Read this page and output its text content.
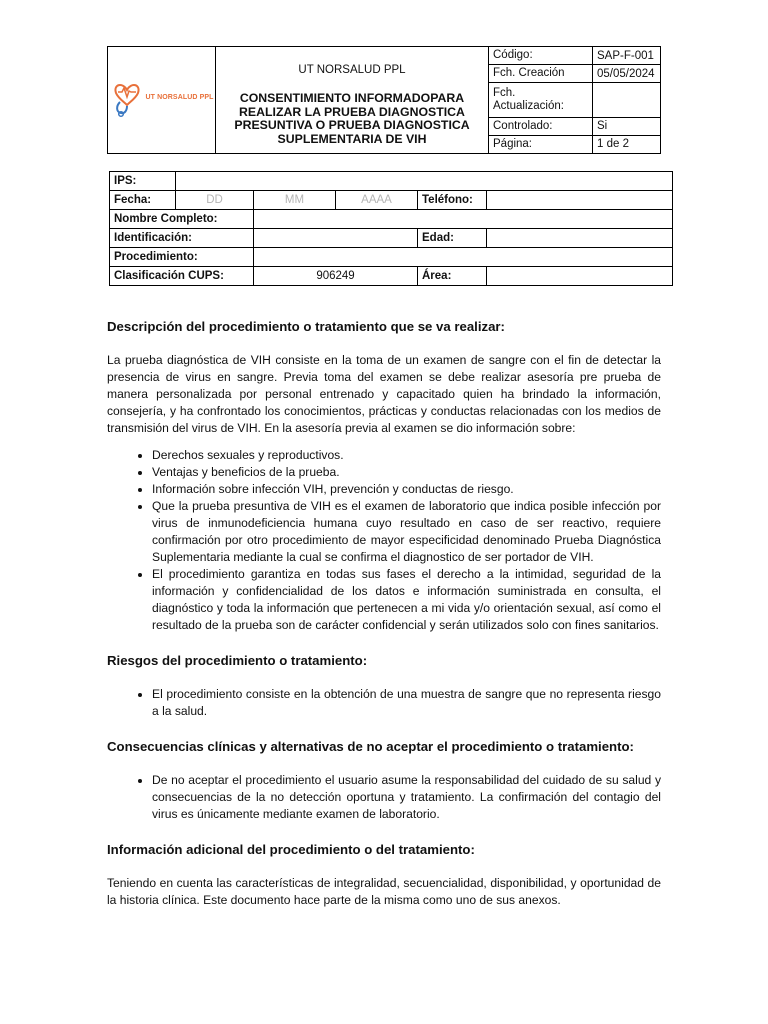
UT NORSALUD PPL	UT NORSALUD PPL
CONSENTIMIENTO INFORMADOPARA REALIZAR LA PRUEBA DIAGNOSTICA PRESUNTIVA O PRUEBA DIAGNOSTICA SUPLEMENTARIA DE VIH	Código:	SAP-F-001
		Fch. Creación	05/05/2024
		Fch. Actualización:	
		Controlado:	Si
		Página:	1 de 2
IPS:					
Fecha:	DD	MM	AAAA	Teléfono:	
Nombre Completo:					
Identificación:				Edad:	
Procedimiento:					
Clasificación CUPS:		906249		Área:	
Descripción del procedimiento o tratamiento que se va realizar:

La prueba diagnóstica de VIH consiste en la toma de un examen de sangre con el fin de detectar la presencia de virus en sangre. Previa toma del examen se debe realizar asesoría pre prueba de manera personalizada por personal entrenado y capacitado quien ha brindado la información, consejería, y ha confrontado los conocimientos, prácticas y conductas relacionadas con los medios de transmisión del virus de VIH. En la asesoría previa al examen se dio información sobre:

• Derechos sexuales y reproductivos.
• Ventajas y beneficios de la prueba.
• Información sobre infección VIH, prevención y conductas de riesgo.
• Que la prueba presuntiva de VIH es el examen de laboratorio que indica posible infección por virus de inmunodeficiencia humana cuyo resultado en caso de ser reactivo, requiere confirmación por otro procedimiento de mayor especificidad denominado Prueba Diagnóstica Suplementaria mediante la cual se confirma el diagnostico de ser portador de VIH.
• El procedimiento garantiza en todas sus fases el derecho a la intimidad, seguridad de la información y confidencialidad de los datos e información suministrada en consulta, el diagnóstico y toda la información que pertenecen a mi vida y/o orientación sexual, así como el resultado de la prueba son de carácter confidencial y serán utilizados solo con fines sanitarios.
Riesgos del procedimiento o tratamiento:
• El procedimiento consiste en la obtención de una muestra de sangre que no representa riesgo a la salud.
Consecuencias clínicas y alternativas de no aceptar el procedimiento o tratamiento:
• De no aceptar el procedimiento el usuario asume la responsabilidad del cuidado de su salud y consecuencias de la no detección oportuna y tratamiento. La confirmación del contagio del virus es únicamente mediante examen de laboratorio.
Información adicional del procedimiento o del tratamiento:

Teniendo en cuenta las características de integralidad, secuencialidad, disponibilidad, y oportunidad de la historia clínica. Este documento hace parte de la misma como uno de sus anexos.
